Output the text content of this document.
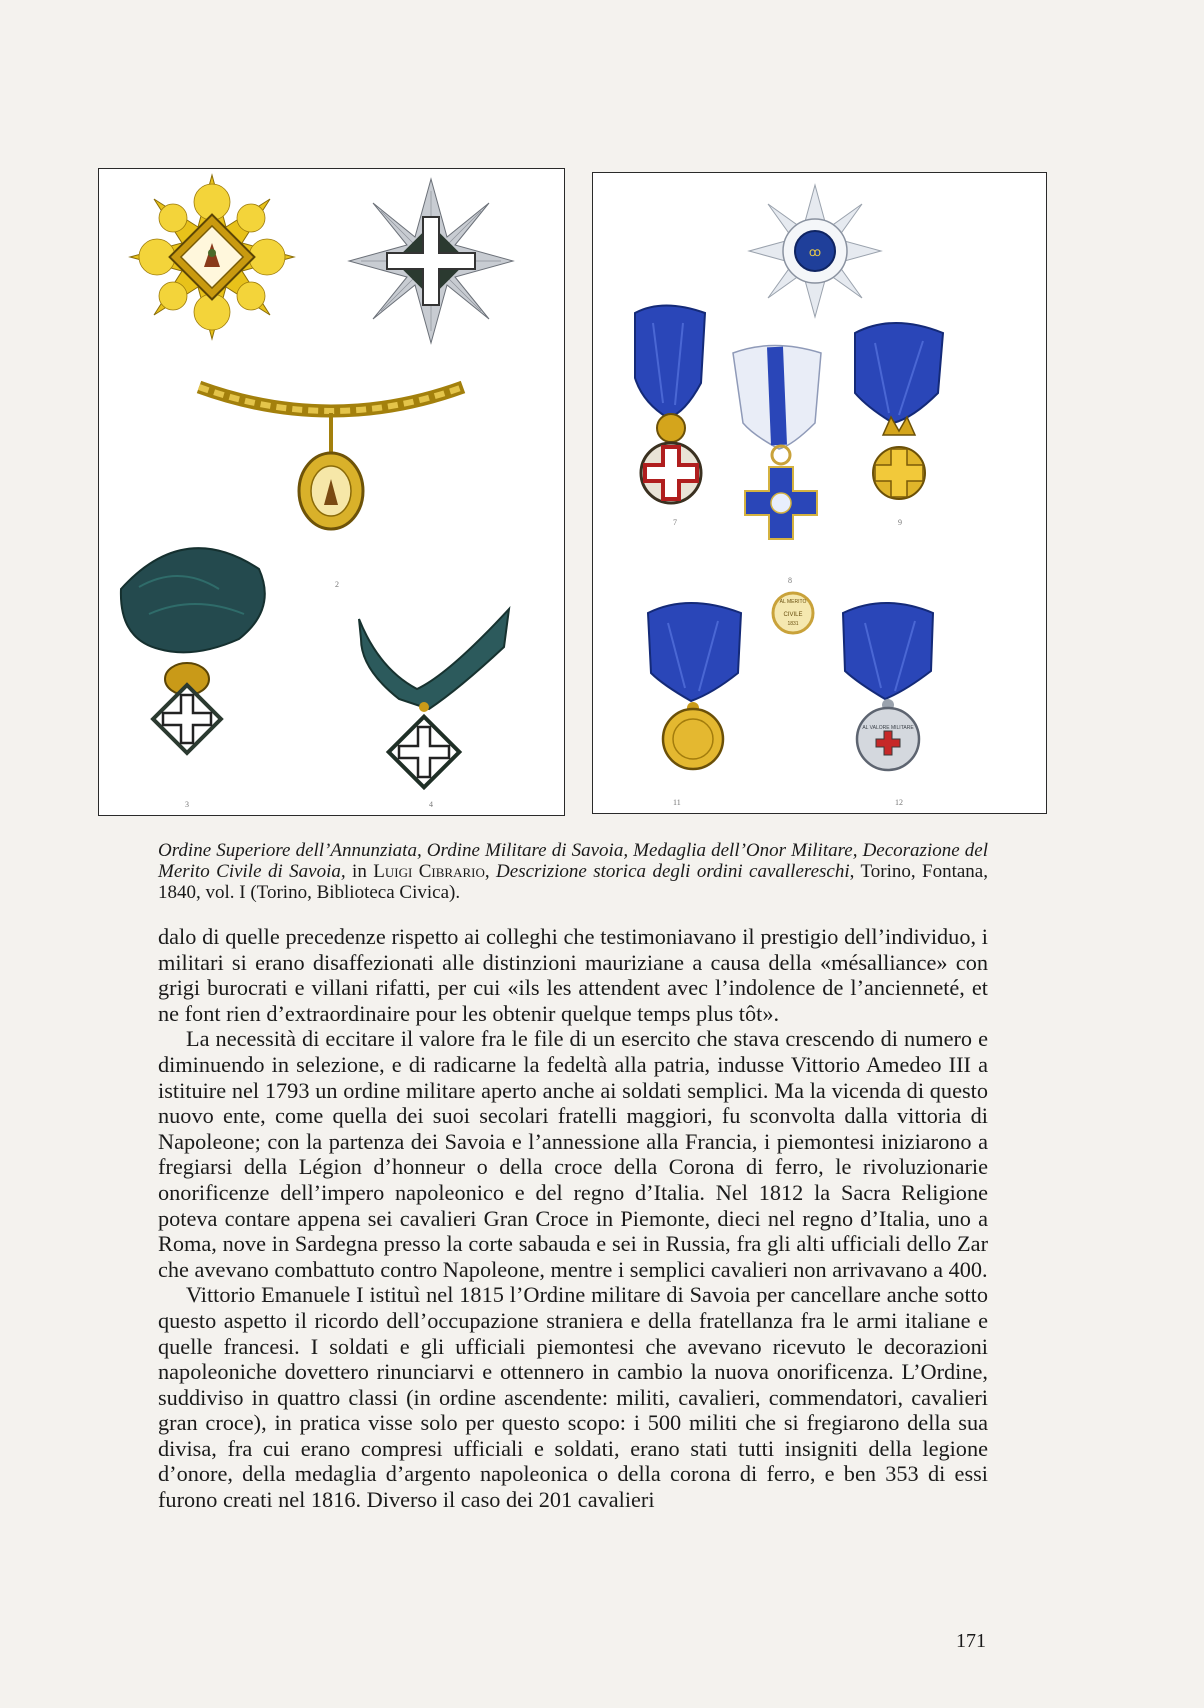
2
3	4
ꝏ
7	9
AL MERITO
CIVILE
1831
8
11
AL VALORE MILITARE
12
Ordine Superiore dell’Annunziata, Ordine Militare di Savoia, Medaglia dell’Onor Militare, Decorazione del Merito Civile di Savoia, in Luigi Cibrario, Descrizione storica degli ordini cavallereschi, Torino, Fontana, 1840, vol. I (Torino, Biblioteca Civica).

dalo di quelle precedenze rispetto ai colleghi che testimoniavano il prestigio dell’individuo, i militari si erano disaffezionati alle distinzioni mauriziane a causa della «mésalliance» con grigi burocrati e villani rifatti, per cui «ils les attendent avec l’indolence de l’ancienneté, et ne font rien d’extraordinaire pour les obtenir quelque temps plus tôt».

La necessità di eccitare il valore fra le file di un esercito che stava crescendo di numero e diminuendo in selezione, e di radicarne la fedeltà alla patria, indusse Vittorio Amedeo III a istituire nel 1793 un ordine militare aperto anche ai soldati semplici. Ma la vicenda di questo nuovo ente, come quella dei suoi secolari fratelli maggiori, fu sconvolta dalla vittoria di Napoleone; con la partenza dei Savoia e l’annessione alla Francia, i piemontesi iniziarono a fregiarsi della Légion d’honneur o della croce della Corona di ferro, le rivoluzionarie onorificenze dell’impero napoleonico e del regno d’Italia. Nel 1812 la Sacra Religione poteva contare appena sei cavalieri Gran Croce in Piemonte, dieci nel regno d’Italia, uno a Roma, nove in Sardegna presso la corte sabauda e sei in Russia, fra gli alti ufficiali dello Zar che avevano combattuto contro Napoleone, mentre i semplici cavalieri non arrivavano a 400.

Vittorio Emanuele I istituì nel 1815 l’Ordine militare di Savoia per cancellare anche sotto questo aspetto il ricordo dell’occupazione straniera e della fratellanza fra le armi italiane e quelle francesi. I soldati e gli ufficiali piemontesi che avevano ricevuto le decorazioni napoleoniche dovettero rinunciarvi e ottennero in cambio la nuova onorificenza. L’Ordine, suddiviso in quattro classi (in ordine ascendente: militi, cavalieri, commendatori, cavalieri gran croce), in pratica visse solo per questo scopo: i 500 militi che si fregiarono della sua divisa, fra cui erano compresi ufficiali e soldati, erano stati tutti insigniti della legione d’onore, della medaglia d’argento napoleonica o della corona di ferro, e ben 353 di essi furono creati nel 1816. Diverso il caso dei 201 cavalieri

171
